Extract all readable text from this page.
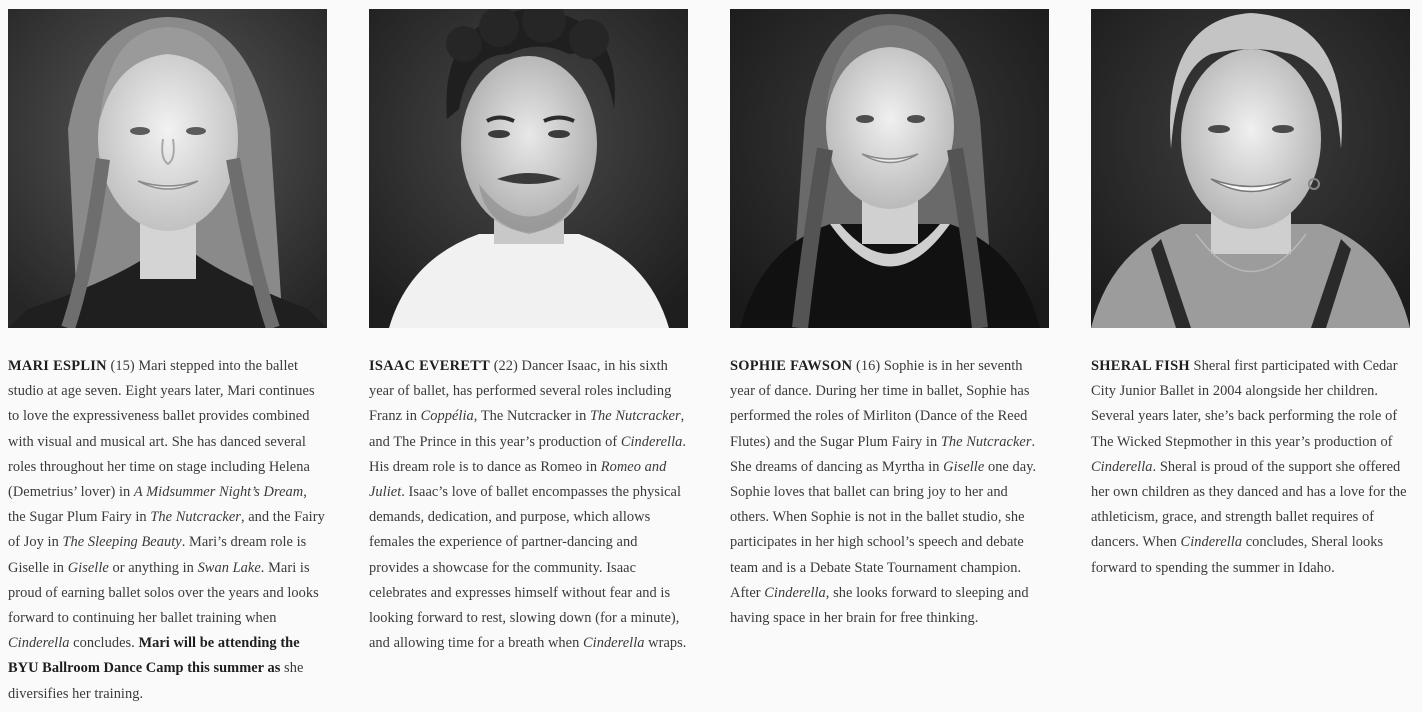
MARI ESPLIN (15) Mari stepped into the ballet studio at age seven. Eight years later, Mari continues to love the expressiveness ballet provides combined with visual and musical art. She has danced several roles throughout her time on stage including Helena (Demetrius’ lover) in A Midsummer Night’s Dream, the Sugar Plum Fairy in The Nutcracker, and the Fairy of Joy in The Sleeping Beauty. Mari’s dream role is Giselle in Giselle or anything in Swan Lake. Mari is proud of earning ballet solos over the years and looks forward to continuing her ballet training when Cinderella concludes. Mari will be attending the BYU Ballroom Dance Camp this summer as she diversifies her training.
ISAAC EVERETT (22) Dancer Isaac, in his sixth year of ballet, has performed several roles including Franz in Coppélia, The Nutcracker in The Nutcracker, and The Prince in this year’s production of Cinderella. His dream role is to dance as Romeo in Romeo and Juliet. Isaac’s love of ballet encompasses the physical demands, dedication, and purpose, which allows females the experience of partner-dancing and provides a showcase for the community. Isaac celebrates and expresses himself without fear and is looking forward to rest, slowing down (for a minute), and allowing time for a breath when Cinderella wraps.
SOPHIE FAWSON (16) Sophie is in her seventh year of dance. During her time in ballet, Sophie has performed the roles of Mirliton (Dance of the Reed Flutes) and the Sugar Plum Fairy in The Nutcracker. She dreams of dancing as Myrtha in Giselle one day. Sophie loves that ballet can bring joy to her and others. When Sophie is not in the ballet studio, she participates in her high school’s speech and debate team and is a Debate State Tournament champion. After Cinderella, she looks forward to sleeping and having space in her brain for free thinking.
SHERAL FISH Sheral first participated with Cedar City Junior Ballet in 2004 alongside her children. Several years later, she’s back performing the role of The Wicked Stepmother in this year’s production of Cinderella. Sheral is proud of the support she offered her own children as they danced and has a love for the athleticism, grace, and strength ballet requires of dancers. When Cinderella concludes, Sheral looks forward to spending the summer in Idaho.
